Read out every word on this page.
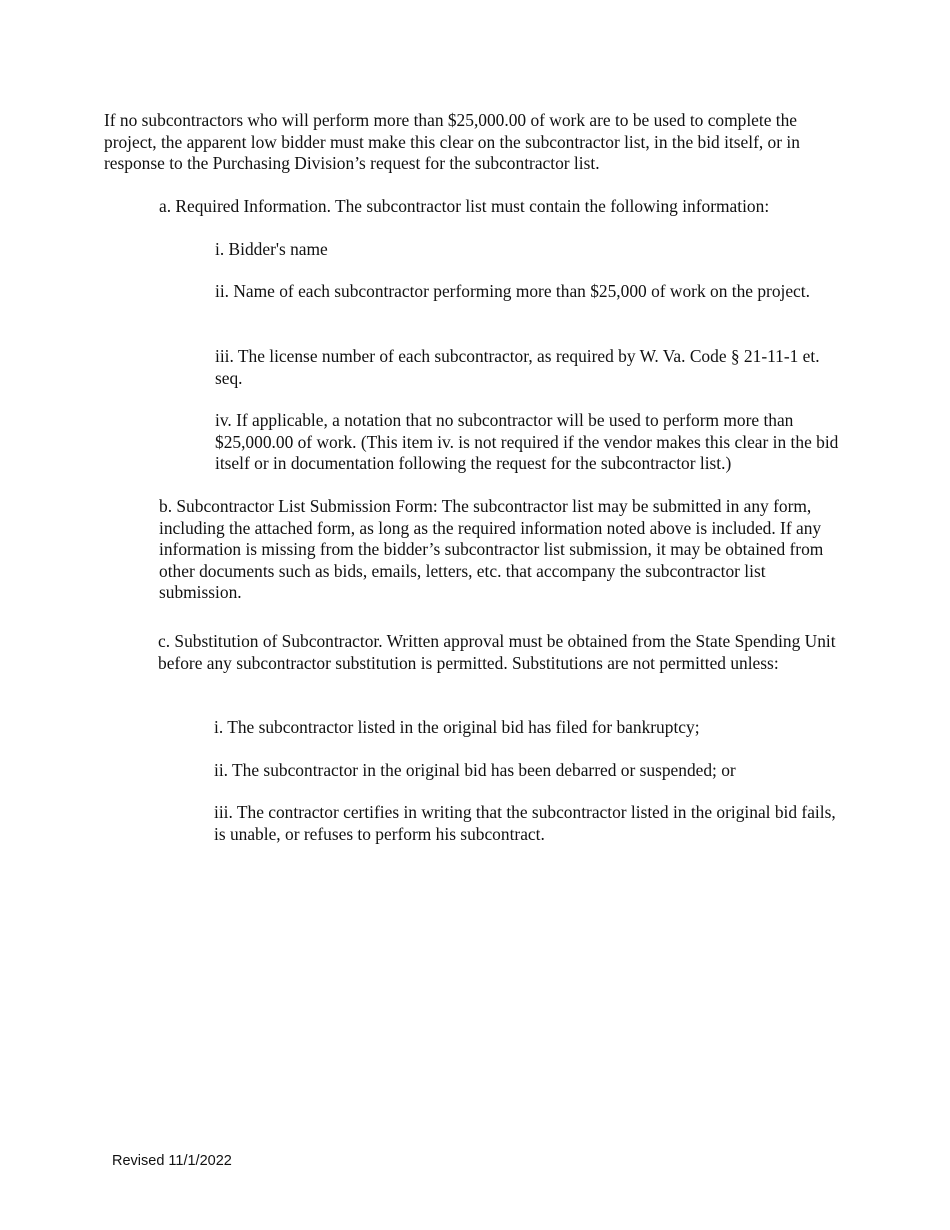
If no subcontractors who will perform more than $25,000.00 of work are to be used to complete the project, the apparent low bidder must make this clear on the subcontractor list, in the bid itself, or in response to the Purchasing Division’s request for the subcontractor list.

a. Required Information. The subcontractor list must contain the following information:

i. Bidder's name

ii. Name of each subcontractor performing more than $25,000 of work on the project.

iii. The license number of each subcontractor, as required by W. Va. Code § 21-11-1 et. seq.

iv. If applicable, a notation that no subcontractor will be used to perform more than $25,000.00 of work. (This item iv. is not required if the vendor makes this clear in the bid itself or in documentation following the request for the subcontractor list.)

b. Subcontractor List Submission Form: The subcontractor list may be submitted in any form, including the attached form, as long as the required information noted above is included. If any information is missing from the bidder’s subcontractor list submission, it may be obtained from other documents such as bids, emails, letters, etc. that accompany the subcontractor list submission.

c. Substitution of Subcontractor. Written approval must be obtained from the State Spending Unit before any subcontractor substitution is permitted. Substitutions are not permitted unless:

i. The subcontractor listed in the original bid has filed for bankruptcy;

ii. The subcontractor in the original bid has been debarred or suspended; or

iii. The contractor certifies in writing that the subcontractor listed in the original bid fails, is unable, or refuses to perform his subcontract.

Revised 11/1/2022
